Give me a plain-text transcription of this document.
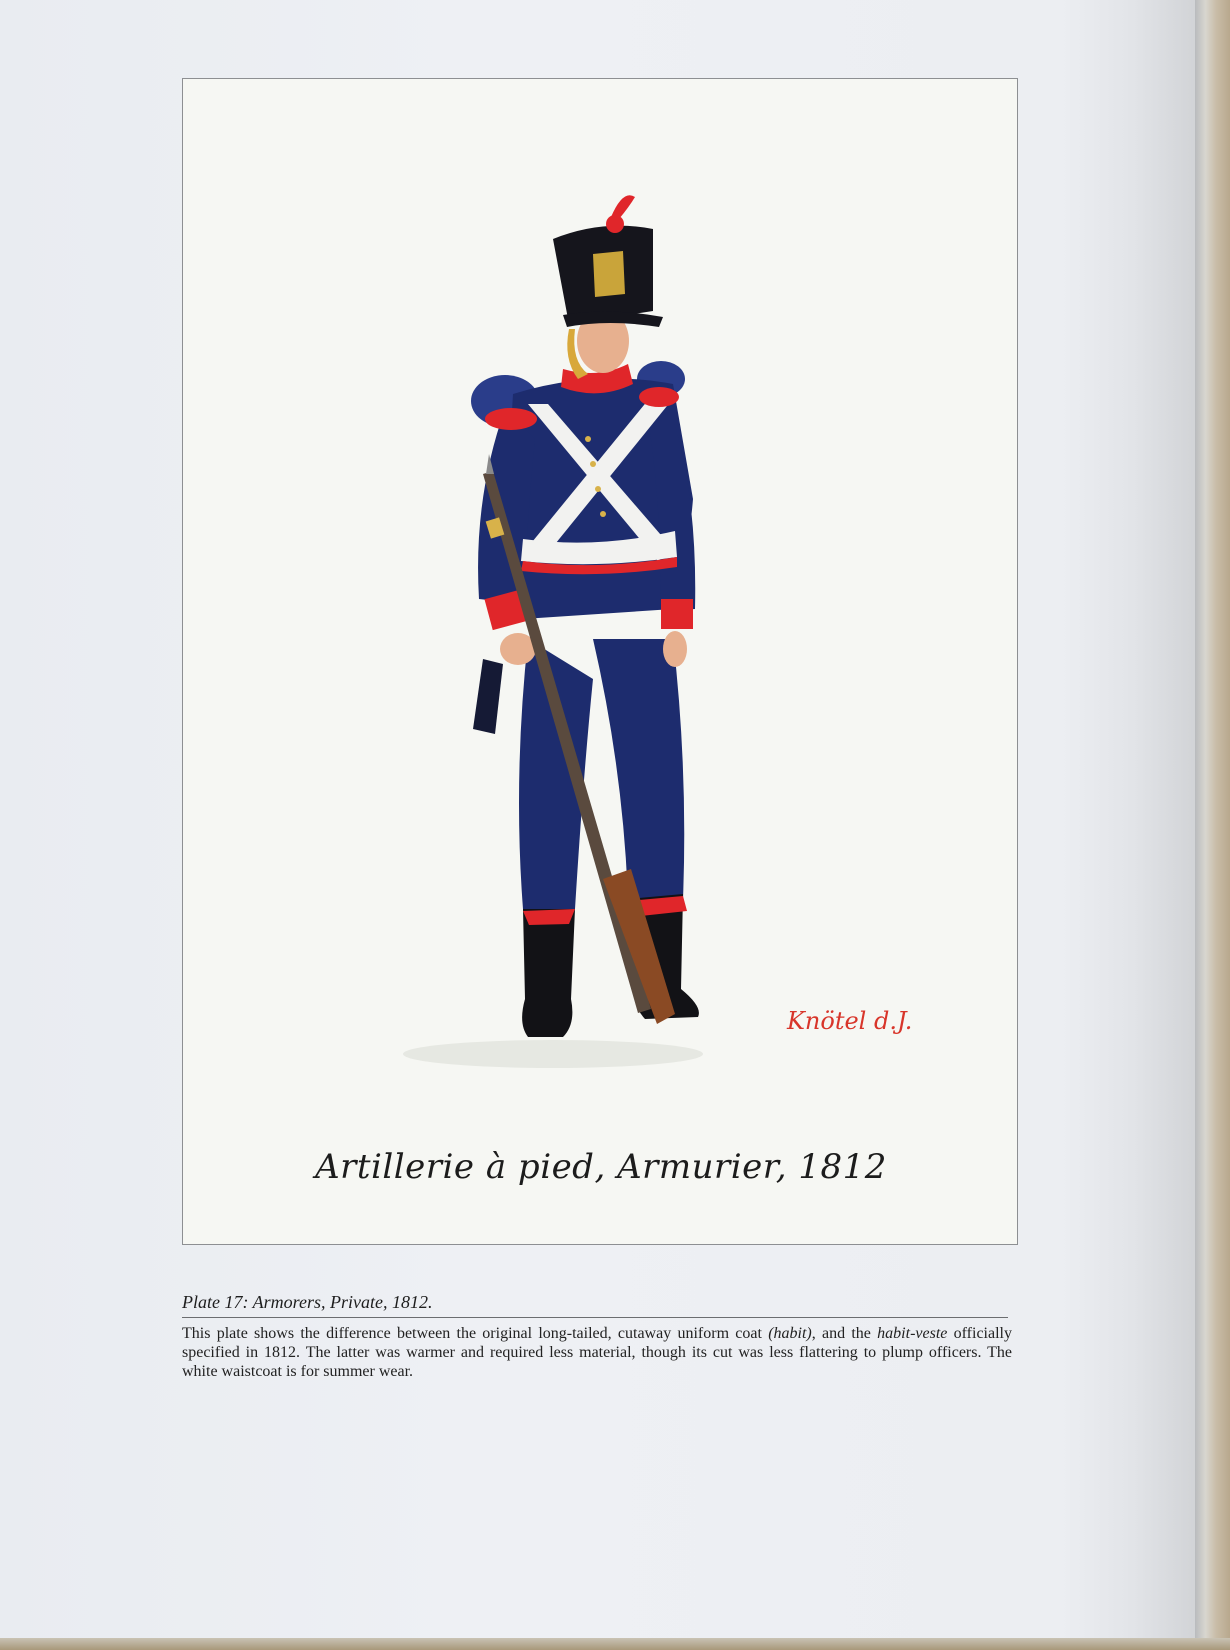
Knötel d.J.
Artillerie à pied, Armurier, 1812
Plate 17: Armorers, Private, 1812.
This plate shows the difference between the original long-tailed, cutaway uniform coat (habit), and the habit-veste officially specified in 1812. The latter was warmer and required less material, though its cut was less flattering to plump officers. The white waistcoat is for summer wear.
